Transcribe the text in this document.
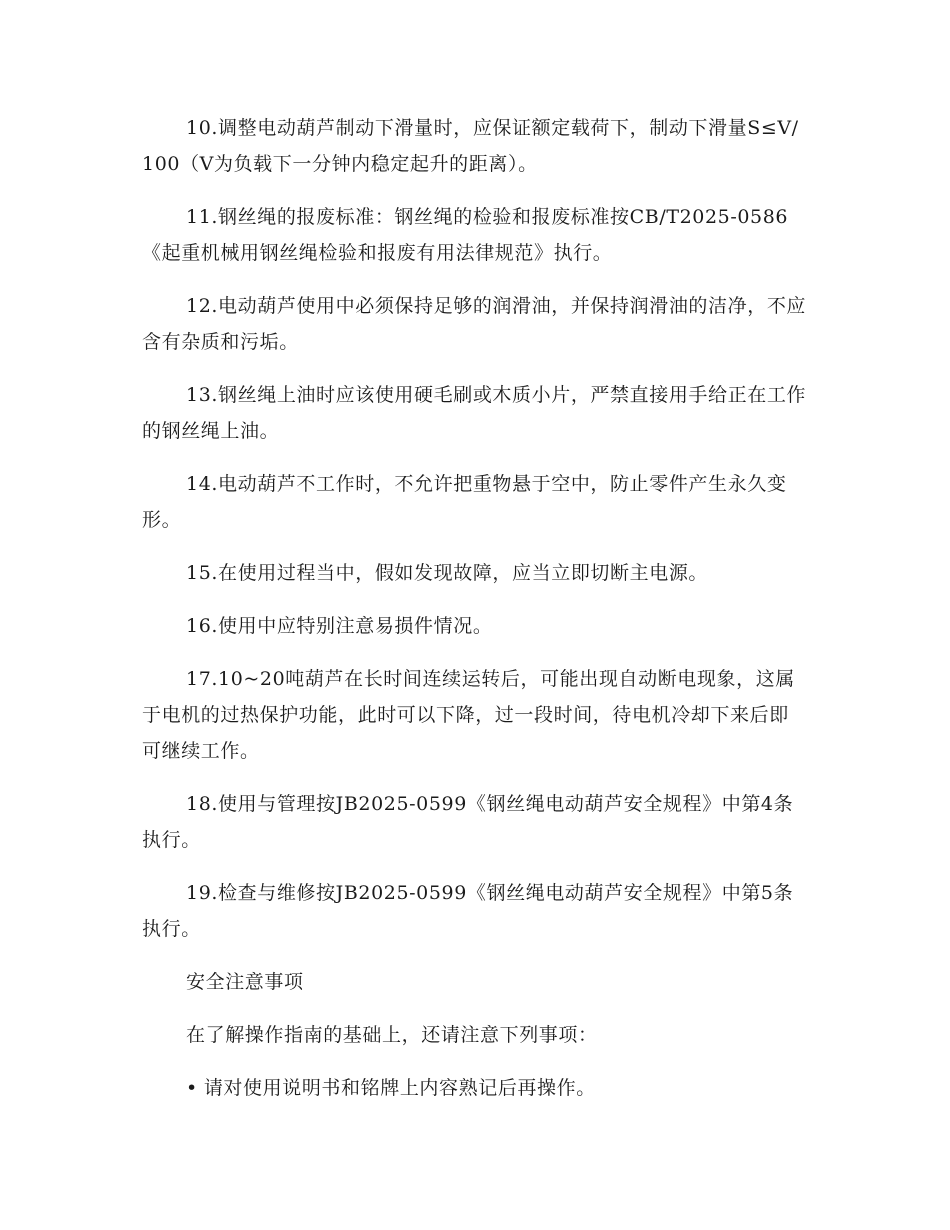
10.调整电动葫芦制动下滑量时，应保证额定载荷下，制动下滑量S≤V/100（V为负载下一分钟内稳定起升的距离）。

11.钢丝绳的报废标准：钢丝绳的检验和报废标准按CB/T2025-0586《起重机械用钢丝绳检验和报废有用法律规范》执行。

12.电动葫芦使用中必须保持足够的润滑油，并保持润滑油的洁净，不应含有杂质和污垢。

13.钢丝绳上油时应该使用硬毛刷或木质小片，严禁直接用手给正在工作的钢丝绳上油。

14.电动葫芦不工作时，不允许把重物悬于空中，防止零件产生永久变形。

15.在使用过程当中，假如发现故障，应当立即切断主电源。

16.使用中应特别注意易损件情况。

17.10~20吨葫芦在长时间连续运转后，可能出现自动断电现象，这属于电机的过热保护功能，此时可以下降，过一段时间，待电机冷却下来后即可继续工作。

18.使用与管理按JB2025-0599《钢丝绳电动葫芦安全规程》中第4条执行。

19.检查与维修按JB2025-0599《钢丝绳电动葫芦安全规程》中第5条执行。

安全注意事项

在了解操作指南的基础上，还请注意下列事项：

• 请对使用说明书和铭牌上内容熟记后再操作。
